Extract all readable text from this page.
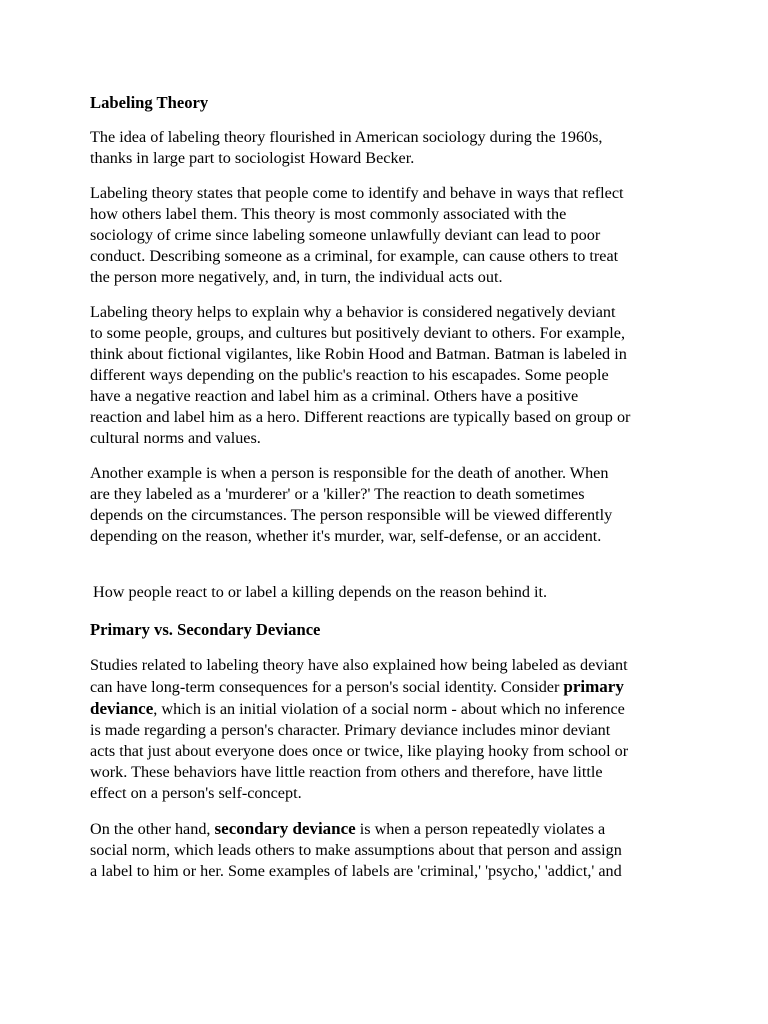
Labeling Theory

The idea of labeling theory flourished in American sociology during the 1960s,
thanks in large part to sociologist Howard Becker.

Labeling theory states that people come to identify and behave in ways that reflect
how others label them. This theory is most commonly associated with the
sociology of crime since labeling someone unlawfully deviant can lead to poor
conduct. Describing someone as a criminal, for example, can cause others to treat
the person more negatively, and, in turn, the individual acts out.

Labeling theory helps to explain why a behavior is considered negatively deviant
to some people, groups, and cultures but positively deviant to others. For example,
think about fictional vigilantes, like Robin Hood and Batman. Batman is labeled in
different ways depending on the public's reaction to his escapades. Some people
have a negative reaction and label him as a criminal. Others have a positive
reaction and label him as a hero. Different reactions are typically based on group or
cultural norms and values.

Another example is when a person is responsible for the death of another. When
are they labeled as a 'murderer' or a 'killer?' The reaction to death sometimes
depends on the circumstances. The person responsible will be viewed differently
depending on the reason, whether it's murder, war, self-defense, or an accident.

How people react to or label a killing depends on the reason behind it.

Primary vs. Secondary Deviance

Studies related to labeling theory have also explained how being labeled as deviant
can have long-term consequences for a person's social identity. Consider primary
deviance, which is an initial violation of a social norm - about which no inference
is made regarding a person's character. Primary deviance includes minor deviant
acts that just about everyone does once or twice, like playing hooky from school or
work. These behaviors have little reaction from others and therefore, have little
effect on a person's self-concept.

On the other hand, secondary deviance is when a person repeatedly violates a
social norm, which leads others to make assumptions about that person and assign
a label to him or her. Some examples of labels are 'criminal,' 'psycho,' 'addict,' and
